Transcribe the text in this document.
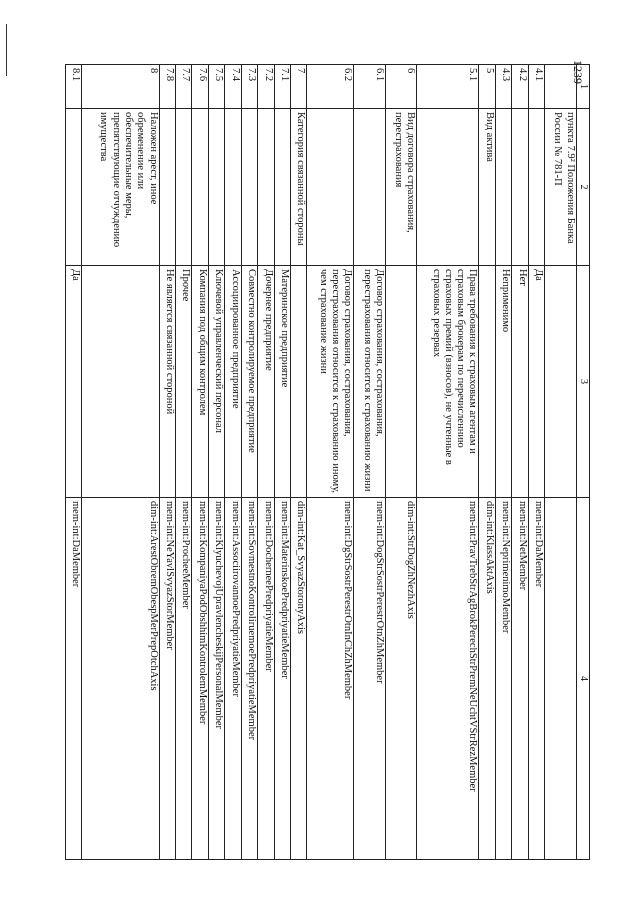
1239
1	2	3	4
	пункта 7.9² Положения Банка России № 781-П		
4.1		Да	mem-int:DaMember
4.2		Нет	mem-int:NetMember
4.3		Неприменимо	mem-int:NeprimenimoMember
5	Вид актива		dim-int:KlassAktAxis
5.1		Права требования к страховым агентам и страховым брокерам по перечисленнию страховых премий (взносов), не учтенные в страховых резервах	mem-int:PravTrebStrAgBrokPerechStrPremNeUchtVStrRezMember
6	Вид договора страхования, перестрахования		dim-int:StrDogZhNezhAxis
6.1		Договор страхования, сострахования, перестрахования относится к страхованию жизни	mem-int:DogStrSostrPerestrOtnZhMember
6.2		Договор страхования, сострахования, перестрахования относится к страхованию иному, чем страхование жизни	mem-int:DgStrSostrPerestrOtnInChZhMember
7	Категория связанной стороны		dim-int:Kat_SvyazStoronyAxis
7.1		Материнское предприятие	mem-int:MaterinskoePredpriyatieMember
7.2		Дочернее предприятие	mem-int:DocherneePredpriyatieMember
7.3		Совместно контролируемое предприятие	mem-int:SovmestnoKontroliruemoePredpriyatieMember
7.4		Ассоциированное предприятие	mem-int:AssociirovannoePredpriyatieMember
7.5		Ключевой управленческий персонал	mem-int:KlyuchevojUpravlencheskijPersonalMember
7.6		Компания под общим контролем	mem-int:KompaniyaPodObshhimKontrolemMember
7.7		Прочее	mem-int:ProcheeMember
7.8		Не является связанной стороной	mem-int:NeYavlSvyazStorMember
8	Наложен арест, иное обременение или обеспечительные меры, препятствующие отчуждению имущества		dim-int:ArestObremObespMerPrepOtchAxis
8.1		Да	mem-int:DaMember
